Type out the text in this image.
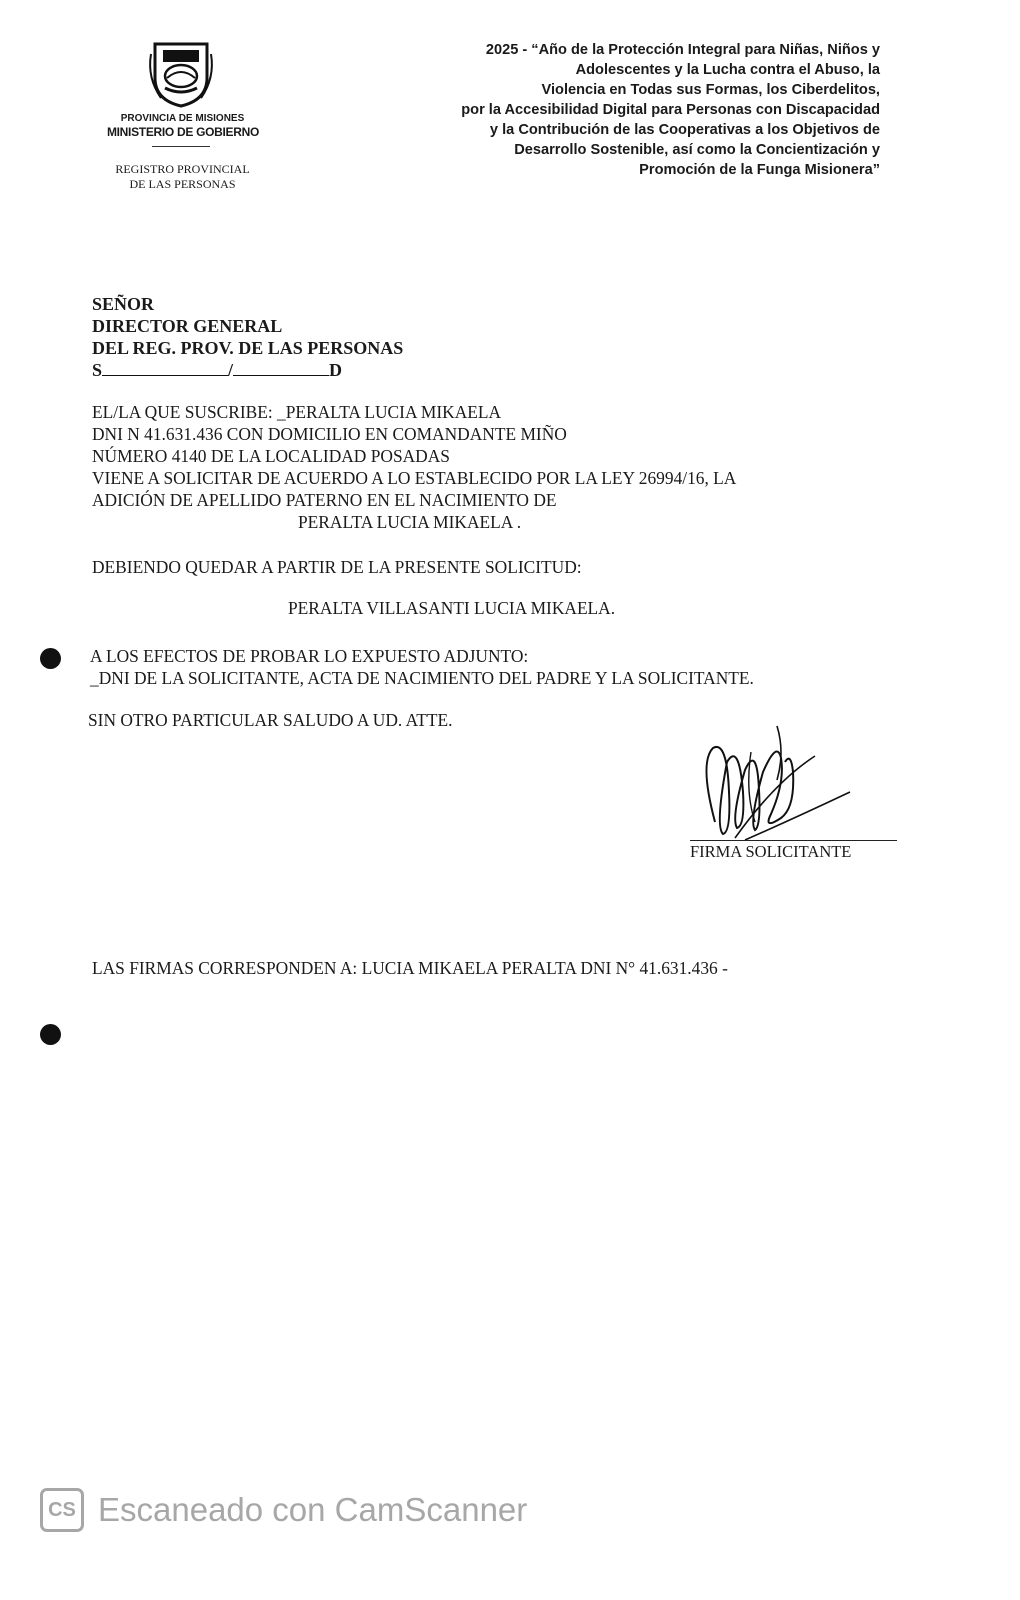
PROVINCIA DE MISIONES
MINISTERIO DE GOBIERNO
REGISTRO PROVINCIAL
DE LAS PERSONAS
2025 - “Año de la Protección Integral para Niñas, Niños y
Adolescentes y la Lucha contra el Abuso, la
Violencia en Todas sus Formas, los Ciberdelitos,
por la Accesibilidad Digital para Personas con Discapacidad
y la Contribución de las Cooperativas a los Objetivos de
Desarrollo Sostenible, así como la Concientización y
Promoción de la Funga Misionera”
SEÑOR
DIRECTOR GENERAL
DEL REG. PROV. DE LAS PERSONAS
S	/	D
EL/LA QUE SUSCRIBE: _PERALTA LUCIA MIKAELA
DNI N 41.631.436 CON DOMICILIO EN COMANDANTE MIÑO
NÚMERO 4140 DE LA LOCALIDAD POSADAS
VIENE A SOLICITAR DE ACUERDO A LO ESTABLECIDO POR LA LEY 26994/16, LA
ADICIÓN DE APELLIDO PATERNO EN EL NACIMIENTO DE
PERALTA LUCIA MIKAELA .
DEBIENDO QUEDAR A PARTIR DE LA PRESENTE SOLICITUD:
PERALTA VILLASANTI LUCIA MIKAELA.
A LOS EFECTOS DE PROBAR LO EXPUESTO ADJUNTO:
_DNI DE LA SOLICITANTE, ACTA DE NACIMIENTO DEL PADRE Y LA SOLICITANTE.
SIN OTRO PARTICULAR SALUDO A UD. ATTE.
FIRMA SOLICITANTE
LAS FIRMAS CORRESPONDEN A: LUCIA MIKAELA PERALTA DNI N° 41.631.436 -
CS Escaneado con CamScanner
